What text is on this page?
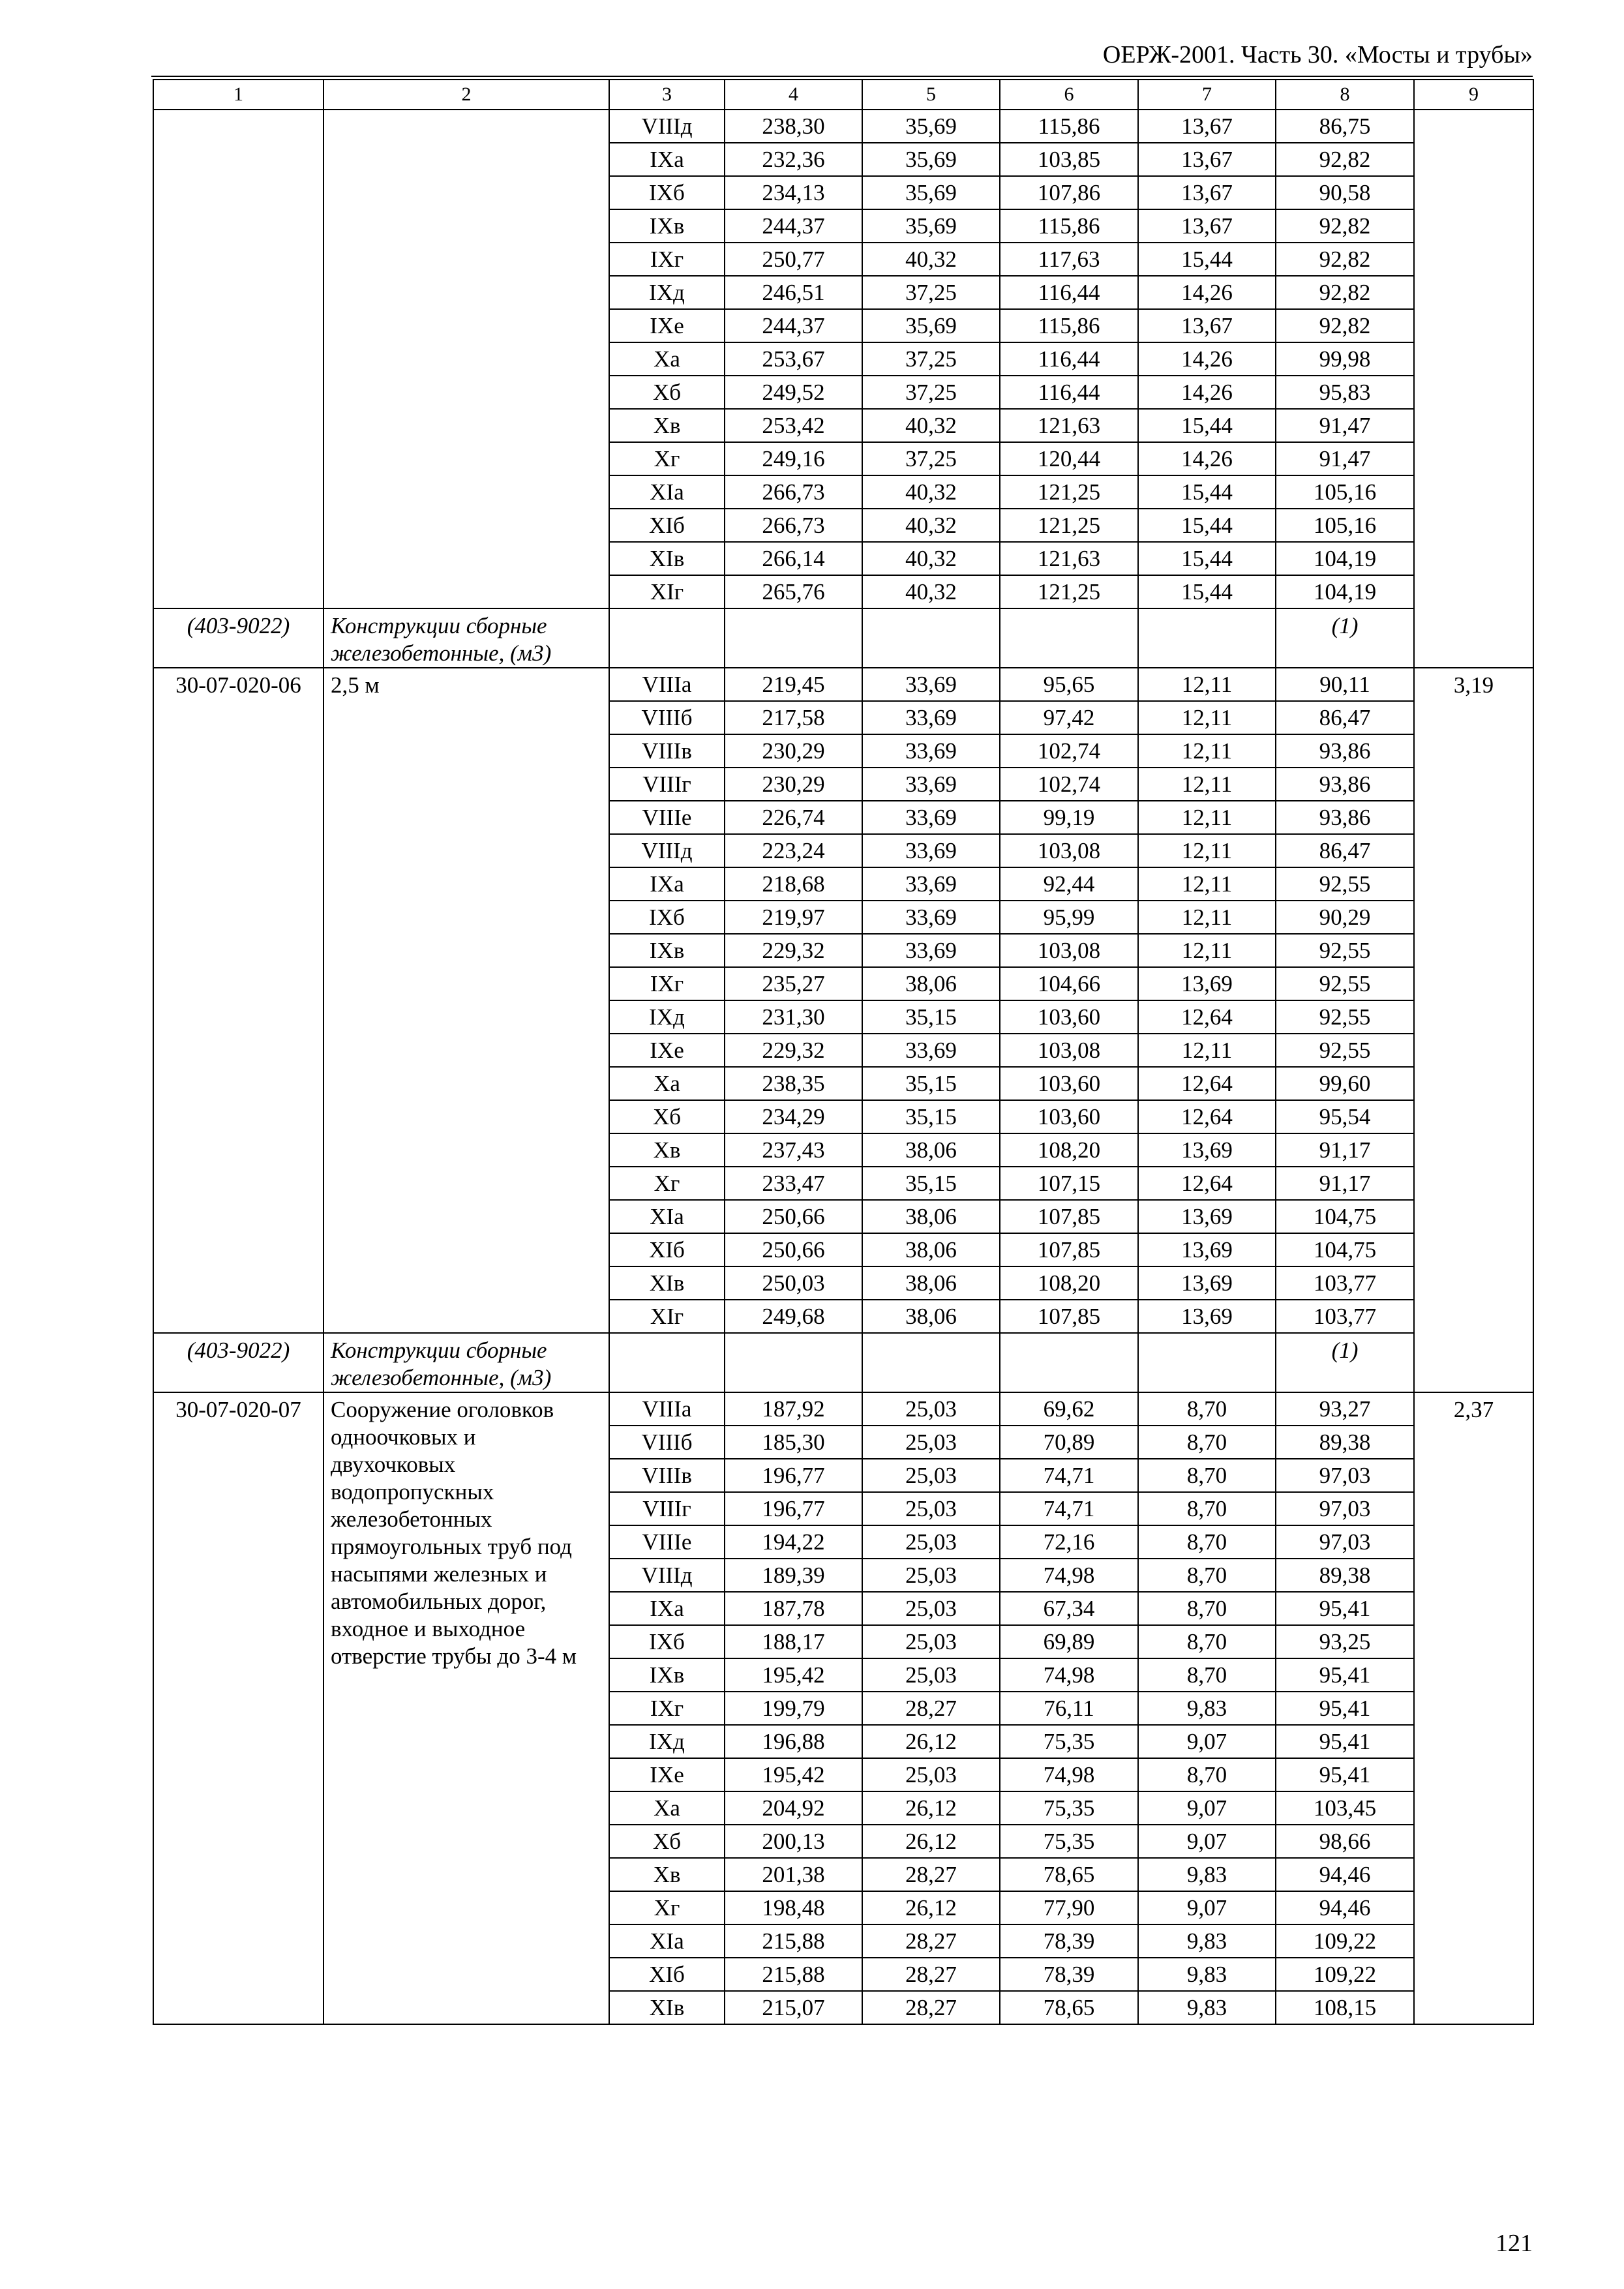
ОЕРЖ-2001. Часть 30. «Мосты и трубы»
1	2	3	4	5	6	7	8	9
		VIIIд	238,30	35,69	115,86	13,67	86,75	
		IXа	232,36	35,69	103,85	13,67	92,82	
		IXб	234,13	35,69	107,86	13,67	90,58	
		IXв	244,37	35,69	115,86	13,67	92,82	
		IXг	250,77	40,32	117,63	15,44	92,82	
		IXд	246,51	37,25	116,44	14,26	92,82	
		IXе	244,37	35,69	115,86	13,67	92,82	
		Xа	253,67	37,25	116,44	14,26	99,98	
		Xб	249,52	37,25	116,44	14,26	95,83	
		Xв	253,42	40,32	121,63	15,44	91,47	
		Xг	249,16	37,25	120,44	14,26	91,47	
		XIа	266,73	40,32	121,25	15,44	105,16	
		XIб	266,73	40,32	121,25	15,44	105,16	
		XIв	266,14	40,32	121,63	15,44	104,19	
		XIг	265,76	40,32	121,25	15,44	104,19	
(403-9022)	Конструкции сборные железобетонные, (м3)						(1)	
30-07-020-06	2,5 м	VIIIа	219,45	33,69	95,65	12,11	90,11	3,19
		VIIIб	217,58	33,69	97,42	12,11	86,47	
		VIIIв	230,29	33,69	102,74	12,11	93,86	
		VIIIг	230,29	33,69	102,74	12,11	93,86	
		VIIIе	226,74	33,69	99,19	12,11	93,86	
		VIIIд	223,24	33,69	103,08	12,11	86,47	
		IXа	218,68	33,69	92,44	12,11	92,55	
		IXб	219,97	33,69	95,99	12,11	90,29	
		IXв	229,32	33,69	103,08	12,11	92,55	
		IXг	235,27	38,06	104,66	13,69	92,55	
		IXд	231,30	35,15	103,60	12,64	92,55	
		IXе	229,32	33,69	103,08	12,11	92,55	
		Xа	238,35	35,15	103,60	12,64	99,60	
		Xб	234,29	35,15	103,60	12,64	95,54	
		Xв	237,43	38,06	108,20	13,69	91,17	
		Xг	233,47	35,15	107,15	12,64	91,17	
		XIа	250,66	38,06	107,85	13,69	104,75	
		XIб	250,66	38,06	107,85	13,69	104,75	
		XIв	250,03	38,06	108,20	13,69	103,77	
		XIг	249,68	38,06	107,85	13,69	103,77	
(403-9022)	Конструкции сборные железобетонные, (м3)						(1)	
30-07-020-07	Сооружение оголовков одноочковых и двухочковых водопропускных железобетонных прямоугольных труб под насыпями железных и автомобильных дорог, входное и выходное отверстие трубы до 3-4 м	VIIIа	187,92	25,03	69,62	8,70	93,27	2,37
		VIIIб	185,30	25,03	70,89	8,70	89,38	
		VIIIв	196,77	25,03	74,71	8,70	97,03	
		VIIIг	196,77	25,03	74,71	8,70	97,03	
		VIIIе	194,22	25,03	72,16	8,70	97,03	
		VIIIд	189,39	25,03	74,98	8,70	89,38	
		IXа	187,78	25,03	67,34	8,70	95,41	
		IXб	188,17	25,03	69,89	8,70	93,25	
		IXв	195,42	25,03	74,98	8,70	95,41	
		IXг	199,79	28,27	76,11	9,83	95,41	
		IXд	196,88	26,12	75,35	9,07	95,41	
		IXе	195,42	25,03	74,98	8,70	95,41	
		Xа	204,92	26,12	75,35	9,07	103,45	
		Xб	200,13	26,12	75,35	9,07	98,66	
		Xв	201,38	28,27	78,65	9,83	94,46	
		Xг	198,48	26,12	77,90	9,07	94,46	
		XIа	215,88	28,27	78,39	9,83	109,22	
		XIб	215,88	28,27	78,39	9,83	109,22	
		XIв	215,07	28,27	78,65	9,83	108,15	
121
